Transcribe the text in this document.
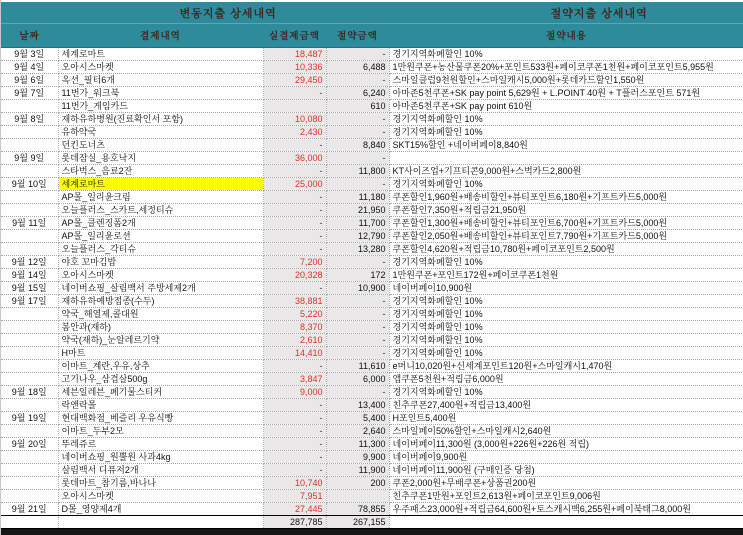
변동지출 상세내역	절약지출 상세내역
날짜	결제내역	실결제금액	절약금액	절약내용
9월 3일	세계로마트	18,487	-	경기지역화폐할인 10%
9월 4일	오아시스마켓	10,336	6,488	1만원쿠폰+농산물쿠폰20%+포인트533원+페이코쿠폰1천원+페이코포인트5,955원
9월 6일	옥션_필터6개	29,450	-	스마일클럽9천원할인+스마일캐시5,000원+롯데카드할인1,550원
9월 7일	11번가_워크북	-	6,240	아마존5천쿠폰+SK pay point 5,629원 + L.POINT 40원 + T플러스포인트 571원
	11번가_게임카드		610	아마존5천쿠폰+SK pay point 610원
9월 8일	재하유하병원(진료확인서 포함)	10,080	-	경기지역화폐할인 10%
	유하약국	2,430	-	경기지역화폐할인 10%
	던킨도너츠	-	8,840	SKT15%할인 +네이버페이8,840원
9월 9일	롯데잠실_용호낙지	36,000	-	
	스타벅스_음료2잔	-	11,800	KT사이즈업+기프티콘9,000원+스벅카드2,800원
9월 10일	세계로마트	25,000	-	경기지역화폐할인 10%
	AP몰_일리윤크림	-	11,180	쿠폰할인1,960원+배송비할인+뷰티포인트6,180원+기프트카드5,000원
	오늘플러스_스카트,세정티슈	-	21,950	쿠폰할인7,350원+적립금21,950원
9월 11일	AP몰_클렌징폼2개	-	11,700	쿠폰할인1,300원+배송비할인+뷰티포인트6,700원+기프트카드5,000원
	AP몰_일리윤로션	-	12,790	쿠폰할인2,050원+배송비할인+뷰티포인트7,790원+기프트카드5,000원
	오늘플러스_각티슈	-	13,280	쿠폰할인4,620원+적립금10,780원+페이코포인트2,500원
9월 12일	야호 꼬마김밥	7,200	-	경기지역화폐할인 10%
9월 14일	오아시스마켓	20,328	172	1만원쿠폰+포인트172원+페이코쿠폰1천원
9월 15일	네이버쇼핑_살림백서 주방세제2개	-	10,900	네이버페이10,900원
9월 17일	재하유하예방접종(수두)	38,881	-	경기지역화폐할인 10%
	약국_해열제,콜대원	5,220	-	경기지역화폐할인 10%
	봄안과(재하)	8,370	-	경기지역화폐할인 10%
	약국(재하)_눈알레르기약	2,610	-	경기지역화폐할인 10%
	H마트	14,410	-	경기지역화폐할인 10%
	이마트_계란,우유,상추	-	11,610	e머니10,020원+신세계포인트120원+스마일캐시1,470원
	고기나우_삼겹살500g	3,847	6,000	앱쿠폰5천원+적립금6,000원
9월 18일	세븐일레븐_폐기물스티커	9,000	-	경기지역화폐할인 10%
	락앤락몰	-	13,400	친추쿠폰27,400원+적립금13,400원
9월 19일	현대백화점_베즐리 우유식빵	-	5,400	H포인트5,400원
	이마트_두부2모	-	2,640	스마일페이50%할인+스마일캐시2,640원
9월 20일	뚜레쥬르	-	11,300	네이버페이11,300원 (3,000원+226원+226원 적립)
	네이버쇼핑_원뿔원 사과4kg	-	9,900	네이버페이9,900원
	살림백서 디퓨저2개	-	11,900	네이버페이11,900원 (구매인증 당첨)
	롯데마트_참기름,바나나	10,740	200	쿠폰2,000원+무배쿠폰+상품권200원
	오아시스마켓	7,951		친추쿠폰1만원+포인트2,613원+페이코포인트9,006원
9월 21일	D몰_영양제4개	27,445	78,855	우주패스23,000원+적립금64,600원+토스캐시백6,255원+페이북태그8,000원
		287,785	267,155	
